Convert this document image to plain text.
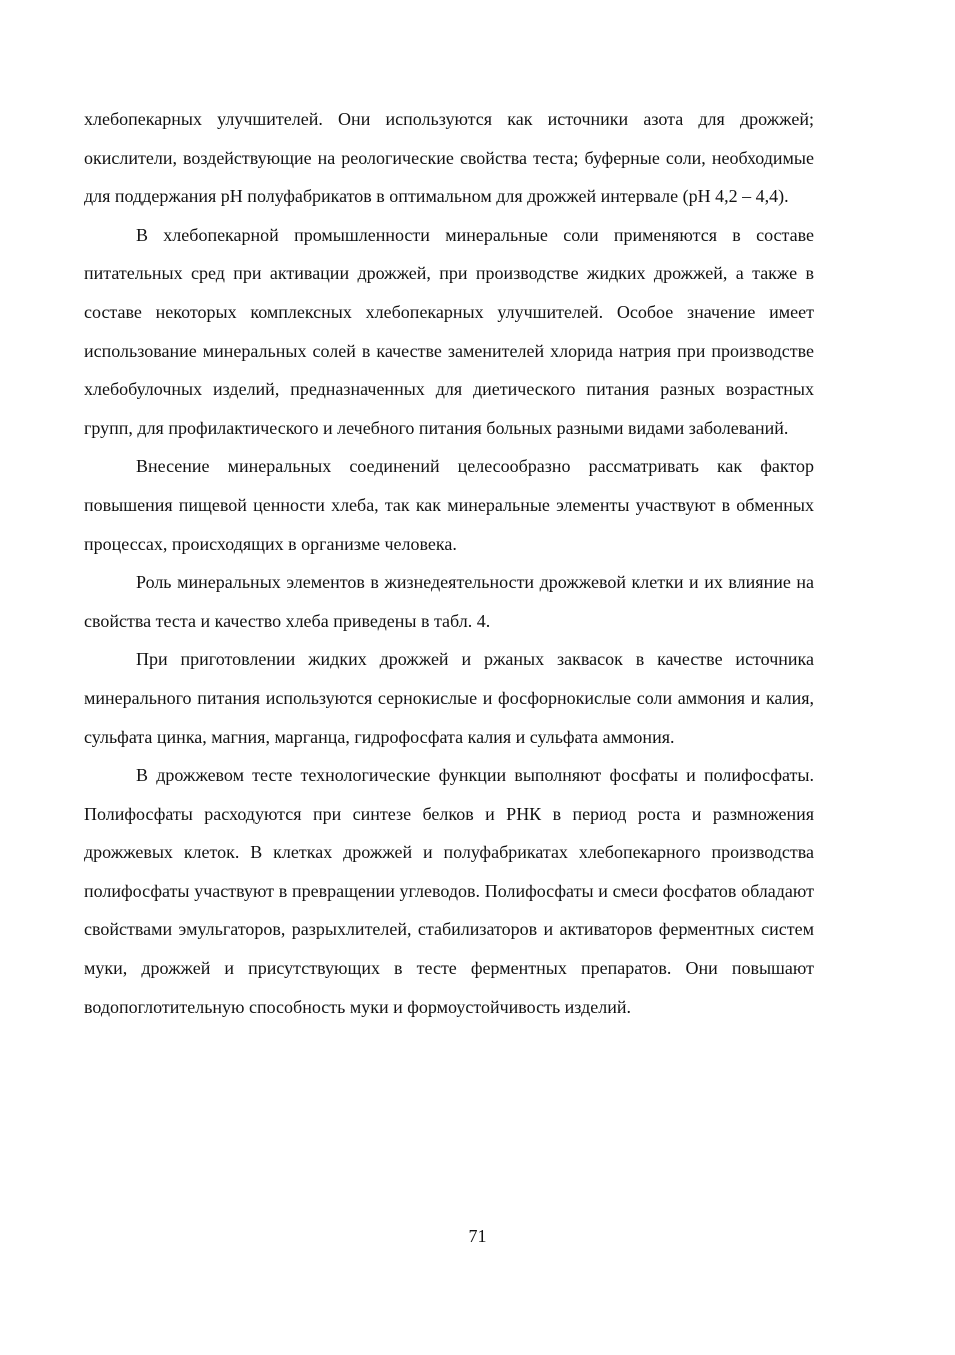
хлебопекарных улучшителей. Они используются как источники азота для дрожжей; окислители, воздействующие на реологические свойства теста; буферные соли, необходимые для поддержания pH полуфабрикатов в оптимальном для дрожжей интервале (pH 4,2 – 4,4).

В хлебопекарной промышленности минеральные соли применяются в составе питательных сред при активации дрожжей, при производстве жидких дрожжей, а также в составе некоторых комплексных хлебопекарных улучшителей. Особое значение имеет использование минеральных солей в качестве заменителей хлорида натрия при производстве хлебобулочных изделий, предназначенных для диетического питания разных возрастных групп, для профилактического и лечебного питания больных разными видами заболеваний.

Внесение минеральных соединений целесообразно рассматривать как фактор повышения пищевой ценности хлеба, так как минеральные элементы участвуют в обменных процессах, происходящих в организме человека.

Роль минеральных элементов в жизнедеятельности дрожжевой клетки и их влияние на свойства теста и качество хлеба приведены в табл. 4.

При приготовлении жидких дрожжей и ржаных заквасок в качестве источника минерального питания используются сернокислые и фосфорнокислые соли аммония и калия, сульфата цинка, магния, марганца, гидрофосфата калия и сульфата аммония.

В дрожжевом тесте технологические функции выполняют фосфаты и полифосфаты. Полифосфаты расходуются при синтезе белков и РНК в период роста и размножения дрожжевых клеток. В клетках дрожжей и полуфабрикатах хлебопекарного производства полифосфаты участвуют в превращении углеводов. Полифосфаты и смеси фосфатов обладают свойствами эмульгаторов, разрыхлителей, стабилизаторов и активаторов ферментных систем муки, дрожжей и присутствующих в тесте ферментных препаратов. Они повышают водопоглотительную способность муки и формоустойчивость изделий.

71
